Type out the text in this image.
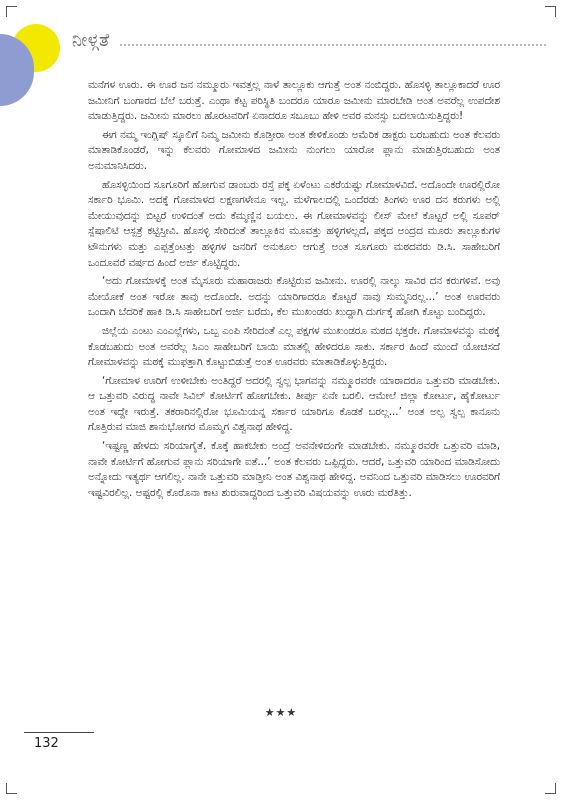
ನೀಳ್ಗತೆ

ಮನೆಗಳ ಊರು. ಈ ಊರ ಜನ ನಮ್ಮೂರು ಇವತ್ತಲ್ಲ ನಾಳೆ ತಾಲ್ಲೂಕು ಆಗುತ್ತೆ ಅಂತ ನಂಬಿದ್ದರು. ಹೊಸಳ್ಳಿ ತಾಲ್ಲೂಕಾದರೆ ಊರ ಜಮೀನಿಗೆ ಬಂಗಾರದ ಬೆಲೆ ಬರುತ್ತೆ. ಎಂಥಾ ಕೆಟ್ಟ ಪರಿಸ್ಥಿತಿ ಬಂದರೂ ಯಾರೂ ಜಮೀನು ಮಾರಬೇಡಿ ಅಂತ ಅವರೆಲ್ಲ ಉಪದೇಶ ಮಾಡುತ್ತಿದ್ದರು. ಜಮೀನು ಮಾರಲು ಹೊರಟವರಿಗೆ ಏನಾದರೂ ಸಬೂಬು ಹೇಳಿ ಅವರ ಮನಸ್ಸು ಬದಲಾಯಿಸುತ್ತಿದ್ದರು!

ಈಗ ನಮ್ಮ ಇಂಗ್ಲಿಷ್ ಸ್ಕೂಲಿಗೆ ನಿಮ್ಮ ಜಮೀನು ಕೊಡ್ತೀರಾ ಅಂತ ಕೇಳಿಕೊಂಡು ಅಮೆರಿಕ ಡಾಕ್ಟರು ಬರಬಹುದು ಅಂತ ಕೆಲವರು ಮಾತಾಡಿಕೊಂಡರೆ, ಇನ್ನು ಕೆಲವರು ಗೋಮಾಳದ ಜಮೀನು ನುಂಗಲು ಯಾರೋ ಪ್ಲಾನು ಮಾಡುತ್ತಿರಬಹುದು ಅಂತ ಅನುಮಾನಿಸಿದರು.

ಹೊಸಳ್ಳಿಯಿಂದ ಸೂಗೂರಿಗೆ ಹೋಗುವ ಡಾಂಬರು ರಸ್ತೆ ಪಕ್ಕ ಏಳೆಂಟು ಎಕರೆಯಷ್ಟು ಗೋಮಾಳವಿದೆ. ಅದೊಂದೇ ಊರಲ್ಲಿರೋ ಸರ್ಕಾರಿ ಭೂಮಿ. ಅದಕ್ಕೆ ಗೋಮಾಳದ ಲಕ್ಷಣಗಳೇನೂ ಇಲ್ಲ. ಮಳೆಗಾಲದಲ್ಲಿ ಒಂದೆರಡು ತಿಂಗಳು ಊರ ದನ ಕರುಗಳು ಅಲ್ಲಿ ಮೇಯುವುದನ್ನು ಬಿಟ್ಟರೆ ಉಳಿದಂತೆ ಅದು ಕೆಮ್ಮಣ್ಣಿನ ಬಯಲು. ಈ ಗೋಮಾಳವನ್ನು ಲೀಸ್ ಮೇಲೆ ಕೊಟ್ಟರೆ ಅಲ್ಲಿ ಸೂಪರ್ ಸ್ಪೆಷಾಲಿಟಿ ಆಸ್ಪತ್ರೆ ಕಟ್ಟಿಸ್ತೀವಿ. ಹೊಸಳ್ಳಿ ಸೇರಿದಂತೆ ತಾಲ್ಲೂಕಿನ ಮೂವತ್ತು ಹಳ್ಳಿಗಳಲ್ಲದೆ, ಪಕ್ಕದ ಅಂದ್ರದ ಮೂರು ತಾಲ್ಲೂಕುಗಳ ಟೌನುಗಳು ಮತ್ತು ಎಪ್ಪತ್ತೆಂಟತ್ತು ಹಳ್ಳಿಗಳ ಜನರಿಗೆ ಅನುಕೂಲ ಆಗುತ್ತೆ ಅಂತ ಸೂಗೂರು ಮಠದವರು ಡಿ.ಸಿ. ಸಾಹೇಬರಿಗೆ ಒಂದೂವರೆ ವರ್ಷದ ಹಿಂದೆ ಅರ್ಜಿ ಕೊಟ್ಟಿದ್ದರು.

‘ಅದು ಗೋಮಾಳಕ್ಕೆ ಅಂತ ಮೈಸೂರು ಮಹಾರಾಜರು ಕೊಟ್ಟಿರುವ ಜಮೀನು. ಊರಲ್ಲಿ ನಾಲ್ಕು ಸಾವಿರ ದನ ಕರುಗಳಿವೆ. ಅವು ಮೇಯೋಕೆ ಅಂತ ಇರೋ ತಾವು ಅದೊಂದೇ. ಅದನ್ನು ಯಾರಿಗಾದರೂ ಕೊಟ್ಟರೆ ನಾವು ಸುಮ್ಮನಿರಲ್ಲ...’ ಅಂತ ಊರವರು ಒಂದಾಗಿ ಬೆದರಿಕೆ ಹಾಕಿ ಡಿ.ಸಿ ಸಾಹೇಬರಿಗೆ ಅರ್ಜಿ ಬರೆದು, ಕೆಲ ಮುಖಂಡರು ಖುದ್ದಾಗಿ ದುರ್ಗಕ್ಕೆ ಹೋಗಿ ಕೊಟ್ಟು ಬಂದಿದ್ದರು.

ಜಿಲ್ಲೆಯ ಎಂಟು ಎಂಎಲ್ಲೆಗಳು, ಒಬ್ಬ ಎಂಪಿ ಸೇರಿದಂತೆ ಎಲ್ಲ ಪಕ್ಷಗಳ ಮುಖಂಡರೂ ಮಠದ ಭಕ್ತರೇ. ಗೋಮಾಳವನ್ನು ಮಠಕ್ಕೆ ಕೊಡಬಹುದು ಅಂತ ಅವರೆಲ್ಲ ಸಿಎಂ ಸಾಹೇಬರಿಗೆ ಬಾಯಿ ಮಾತಲ್ಲಿ ಹೇಳಿದರೂ ಸಾಕು. ಸರ್ಕಾರ ಹಿಂದೆ ಮುಂದೆ ಯೋಚಿಸದೆ ಗೋಮಾಳವನ್ನು ಮಠಕ್ಕೆ ಮುಫತ್ತಾಗಿ ಕೊಟ್ಟುಬಿಡುತ್ತೆ ಅಂತ ಊರವರು ಮಾತಾಡಿಕೊಳ್ಳುತ್ತಿದ್ದರು.

‘ಗೋಮಾಳ ಊರಿಗೆ ಉಳೀಬೇಕು ಅಂತಿದ್ದರೆ ಅದರಲ್ಲಿ ಸ್ವಲ್ಪ ಭಾಗವನ್ನು ನಮ್ಮೂರವರೇ ಯಾರಾದರೂ ಒತ್ತುವರಿ ಮಾಡಬೇಕು. ಆ ಒತ್ತುವರಿ ವಿರುದ್ಧ ನಾವೇ ಸಿವಿಲ್ ಕೋರ್ಟಿಗೆ ಹೋಗಬೇಕು. ತೀರ್ಪು ಏನೇ ಬರಲಿ. ಆಮೇಲೆ ಜಿಲ್ಲಾ ಕೋರ್ಟು, ಹೈಕೋರ್ಟು ಅಂತ ಇದ್ದೇ ಇರುತ್ತೆ. ತಕರಾರಿನಲ್ಲಿರೋ ಭೂಮಿಯನ್ನ ಸರ್ಕಾರ ಯಾರಿಗೂ ಕೊಡಕೆ ಬರಲ್ಲ...’ ಅಂತ ಅಲ್ಪ ಸ್ವಲ್ಪ ಕಾನೂನು ಗೊತ್ತಿರುವ ಮಾಜಿ ಶಾನುಭೋಗರ ಮೊಮ್ಮಗ ವಿಶ್ವನಾಥ ಹೇಳಿದ್ದ.

‘ಇಷ್ಟಣ್ಣ ಹೇಳದು ಸರಿಯಾಗೈತೆ. ಕೊಕ್ಕೆ ಹಾಕಬೇಕು ಅಂದ್ರೆ ಅವನೇಳಿದಂಗೇ ಮಾಡಬೇಕು. ನಮ್ಮೂರವರೇ ಒತ್ತುವರಿ ಮಾಡಿ, ನಾವೇ ಕೋರ್ಟಿಗೆ ಹೋಗುವ ಪ್ಲಾನು ಸರಿಯಾಗೇ ಐತೆ...’ ಅಂತ ಕೆಲವರು ಒಪ್ಪಿದ್ದರು. ಆದರೆ, ಒತ್ತುವರಿ ಯಾರಿಂದ ಮಾಡಿಸೋದು ಅನ್ನೋದು ಇತ್ಯರ್ಥ ಆಗಲಿಲ್ಲ. ನಾನೇ ಒತ್ತುವರಿ ಮಾಡ್ತೀನಿ ಅಂತ ವಿಶ್ವನಾಥ ಹೇಳಿದ್ದ. ಅವನಿಂದ ಒತ್ತುವರಿ ಮಾಡಿಸಲು ಊರವರಿಗೆ ಇಷ್ಟವಿರಲಿಲ್ಲ. ಅಷ್ಟರಲ್ಲಿ ಕೊರೊನಾ ಕಾಟ ಶುರುವಾದ್ದರಿಂದ ಒತ್ತುವರಿ ವಿಷಯವನ್ನು ಊರು ಮರೆತಿತ್ತು.

★★★
132
